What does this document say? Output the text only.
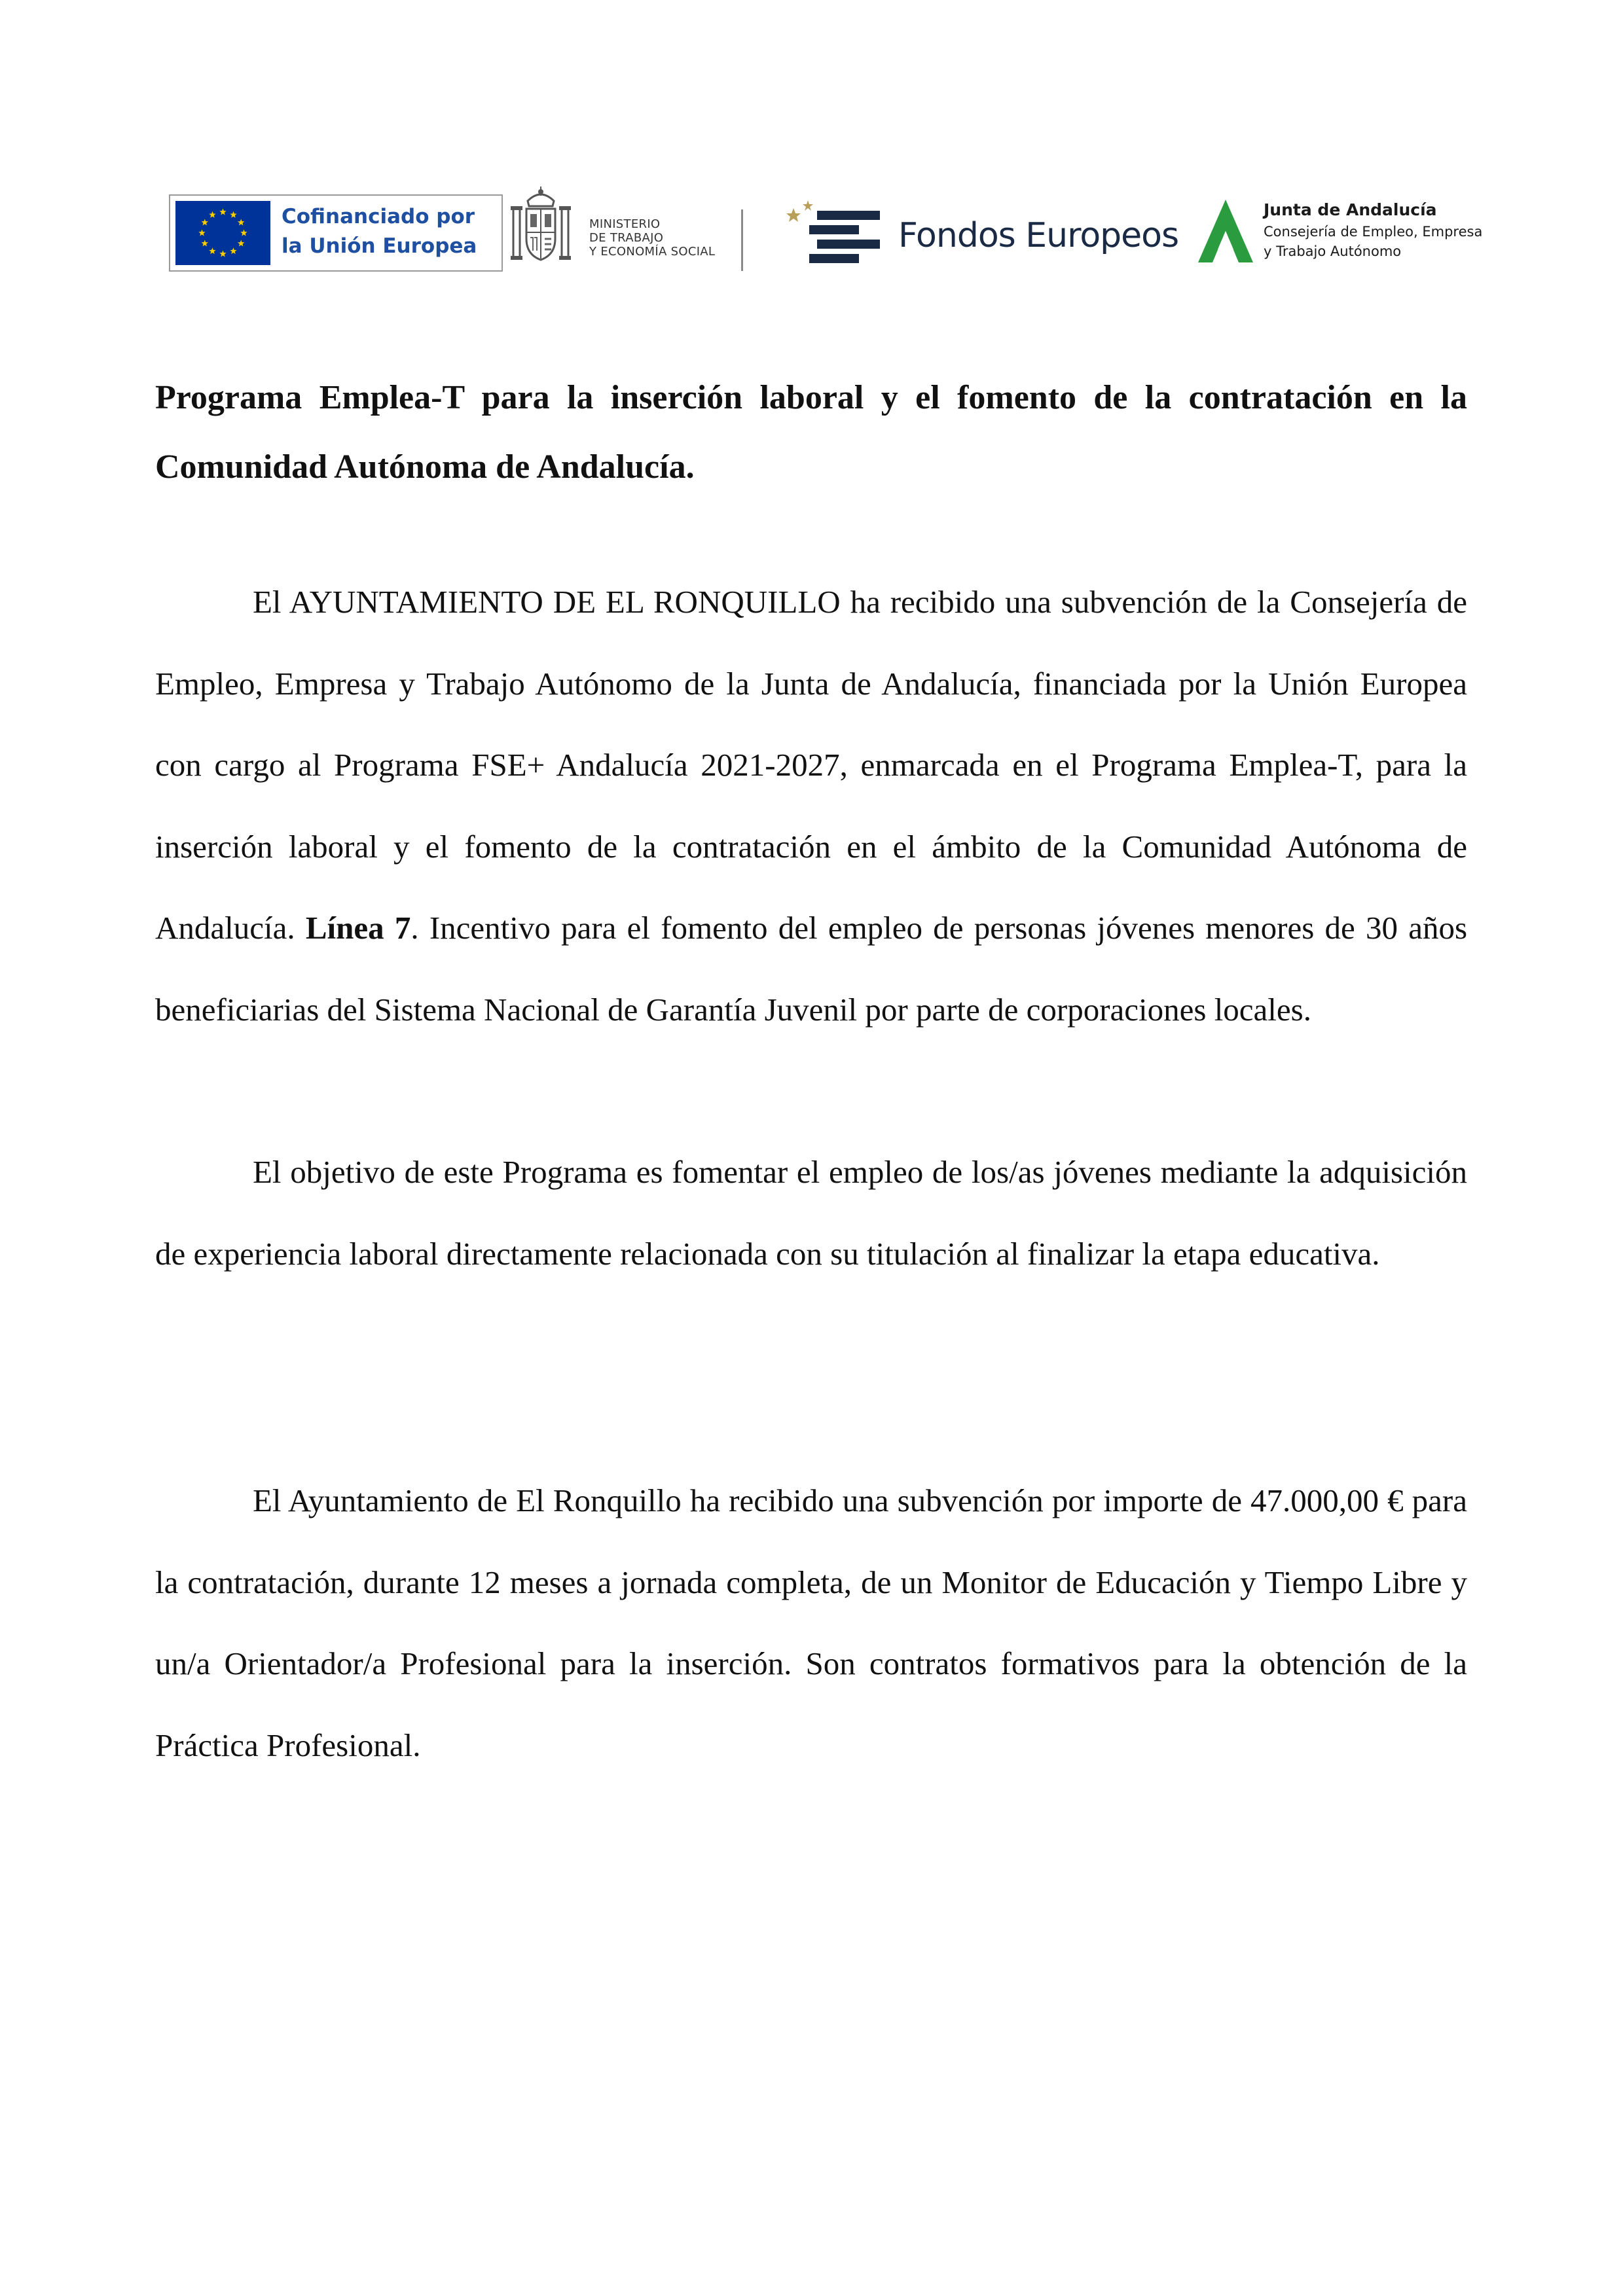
Cofinanciado por
la Unión Europea
MINISTERIO
DE TRABAJO
Y ECONOMÍA SOCIAL	Fondos Europeos
Junta de Andalucía
Consejería de Empleo, Empresa
y Trabajo Autónomo
Programa Emplea-T para la inserción laboral y el fomento de la contratación en la Comunidad Autónoma de Andalucía.

El AYUNTAMIENTO DE EL RONQUILLO ha recibido una subvención de la Consejería de Empleo, Empresa y Trabajo Autónomo de la Junta de Andalucía, financiada por la Unión Europea con cargo al Programa FSE+ Andalucía 2021-2027, enmarcada en el Programa Emplea-T, para la inserción laboral y el fomento de la contratación en el ámbito de la Comunidad Autónoma de Andalucía. Línea 7. Incentivo para el fomento del empleo de personas jóvenes menores de 30 años beneficiarias del Sistema Nacional de Garantía Juvenil por parte de corporaciones locales.

El objetivo de este Programa es fomentar el empleo de los/as jóvenes mediante la adquisición de experiencia laboral directamente relacionada con su titulación al finalizar la etapa educativa.

El Ayuntamiento de El Ronquillo ha recibido una subvención por importe de 47.000,00 € para la contratación, durante 12 meses a jornada completa, de un Monitor de Educación y Tiempo Libre y un/a Orientador/a Profesional para la inserción. Son contratos formativos para la obtención de la Práctica Profesional.
